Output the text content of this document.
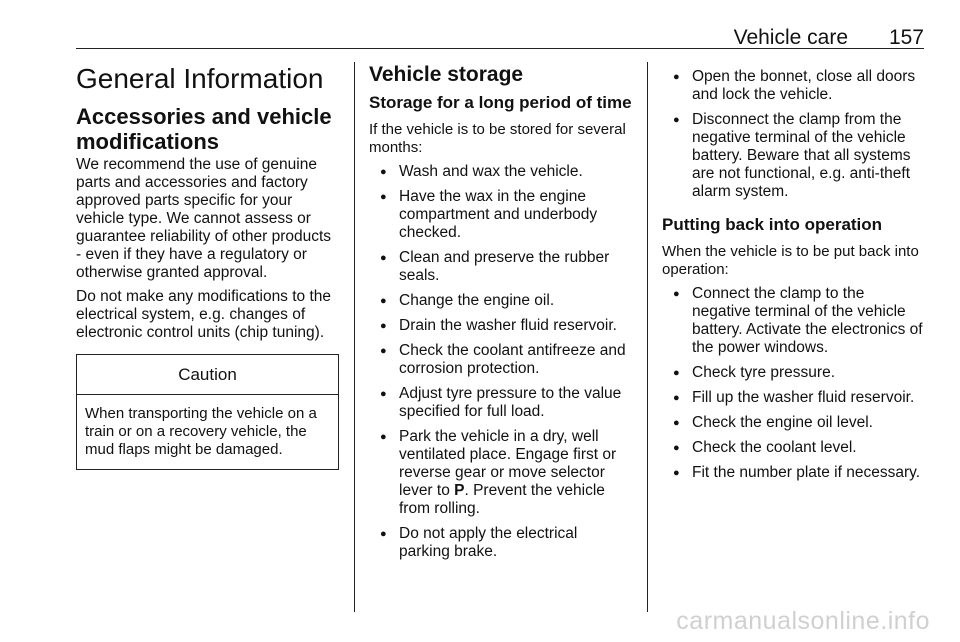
Vehicle care 157
General Information
Accessories and vehicle modifications

We recommend the use of genuine parts and accessories and factory approved parts specific for your vehicle type. We cannot assess or guarantee reliability of other products - even if they have a regulatory or otherwise granted approval.

Do not make any modifications to the electrical system, e.g. changes of electronic control units (chip tuning).

Caution

When transporting the vehicle on a train or on a recovery vehicle, the mud flaps might be damaged.

Vehicle storage
Storage for a long period of time

If the vehicle is to be stored for several months:

● Wash and wax the vehicle.
● Have the wax in the engine compartment and underbody checked.
● Clean and preserve the rubber seals.
● Change the engine oil.
● Drain the washer fluid reservoir.
● Check the coolant antifreeze and corrosion protection.
● Adjust tyre pressure to the value specified for full load.
● Park the vehicle in a dry, well ventilated place. Engage first or reverse gear or move selector lever to P. Prevent the vehicle from rolling.
● Do not apply the electrical parking brake.
● Open the bonnet, close all doors and lock the vehicle.
● Disconnect the clamp from the negative terminal of the vehicle battery. Beware that all systems are not functional, e.g. anti-theft alarm system.
Putting back into operation

When the vehicle is to be put back into operation:

● Connect the clamp to the negative terminal of the vehicle battery. Activate the electronics of the power windows.
● Check tyre pressure.
● Fill up the washer fluid reservoir.
● Check the engine oil level.
● Check the coolant level.
● Fit the number plate if necessary.
carmanualsonline.info
